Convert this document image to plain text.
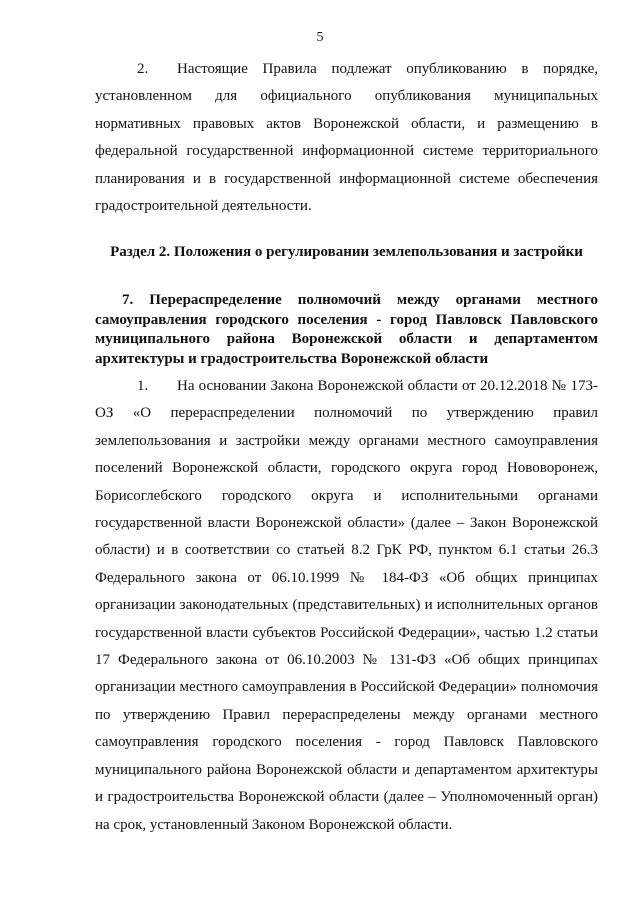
5

2. Настоящие Правила подлежат опубликованию в порядке, установленном для официального опубликования муниципальных нормативных правовых актов Воронежской области, и размещению в федеральной государственной информационной системе территориального планирования и в государственной информационной системе обеспечения градостроительной деятельности.

Раздел 2. Положения о регулировании землепользования и застройки
7. Перераспределение полномочий между органами местного самоуправления городского поселения - город Павловск Павловского муниципального района Воронежской области и департаментом архитектуры и градостроительства Воронежской области

1. На основании Закона Воронежской области от 20.12.2018 № 173-ОЗ «О перераспределении полномочий по утверждению правил землепользования и застройки между органами местного самоуправления поселений Воронежской области, городского округа город Нововоронеж, Борисоглебского городского округа и исполнительными органами государственной власти Воронежской области» (далее – Закон Воронежской области) и в соответствии со статьей 8.2 ГрК РФ, пунктом 6.1 статьи 26.3 Федерального закона от 06.10.1999 № 184-ФЗ «Об общих принципах организации законодательных (представительных) и исполнительных органов государственной власти субъектов Российской Федерации», частью 1.2 статьи 17 Федерального закона от 06.10.2003 № 131-ФЗ «Об общих принципах организации местного самоуправления в Российской Федерации» полномочия по утверждению Правил перераспределены между органами местного самоуправления городского поселения - город Павловск Павловского муниципального района Воронежской области и департаментом архитектуры и градостроительства Воронежской области (далее – Уполномоченный орган) на срок, установленный Законом Воронежской области.
